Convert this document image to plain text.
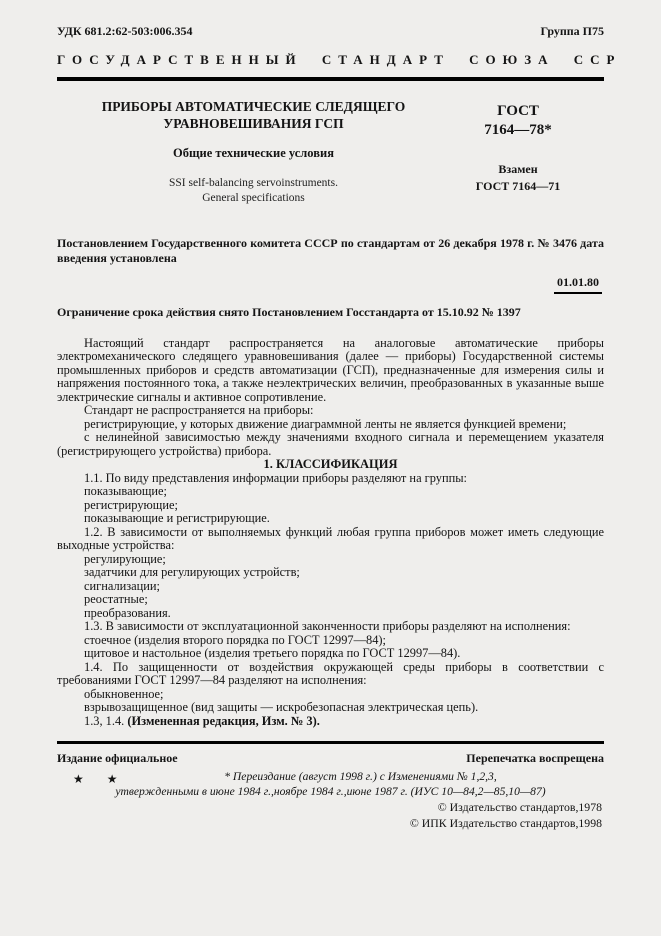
УДК 681.2:62-503:006.354	Группа П75
ГОСУДАРСТВЕННЫЙ СТАНДАРТ СОЮЗА ССР
ПРИБОРЫ АВТОМАТИЧЕСКИЕ СЛЕДЯЩЕГО
УРАВНОВЕШИВАНИЯ ГСП
Общие технические условия
SSI self-balancing servoinstruments.
General specifications
ГОСТ
7164—78*
Взамен
ГОСТ 7164—71
Постановлением Государственного комитета СССР по стандартам от 26 декабря 1978 г. № 3476 дата введения установлена
01.01.80
Ограничение срока действия снято Постановлением Госстандарта от 15.10.92 № 1397

Настоящий стандарт распространяется на аналоговые автоматические приборы электромеханического следящего уравновешивания (далее — приборы) Государственной системы промышленных приборов и средств автоматизации (ГСП), предназначенные для измерения силы и напряжения постоянного тока, а также неэлектрических величин, преобразованных в указанные выше электрические сигналы и активное сопротивление.

Стандарт не распространяется на приборы:

регистрирующие, у которых движение диаграммной ленты не является функцией времени;

с нелинейной зависимостью между значениями входного сигнала и перемещением указателя (регистрирующего устройства) прибора.

1. КЛАССИФИКАЦИЯ

1.1. По виду представления информации приборы разделяют на группы:

показывающие;

регистрирующие;

показывающие и регистрирующие.

1.2. В зависимости от выполняемых функций любая группа приборов может иметь следующие выходные устройства:

регулирующие;

задатчики для регулирующих устройств;

сигнализации;

реостатные;

преобразования.

1.3. В зависимости от эксплуатационной законченности приборы разделяют на исполнения:

стоечное (изделия второго порядка по ГОСТ 12997—84);

щитовое и настольное (изделия третьего порядка по ГОСТ 12997—84).

1.4. По защищенности от воздействия окружающей среды приборы в соответствии с требованиями ГОСТ 12997—84 разделяют на исполнения:

обыкновенное;

взрывозащищенное (вид защиты — искробезопасная электрическая цепь).

1.3, 1.4. (Измененная редакция, Изм. № 3).

Издание официальное	Перепечатка воспрещена
★ ★	* Переиздание (август 1998 г.) с Изменениями № 1,2,3,
утвержденными в июне 1984 г.,ноябре 1984 г.,июне 1987 г. (ИУС 10—84,2—85,10—87)
© Издательство стандартов,1978
© ИПК Издательство стандартов,1998
